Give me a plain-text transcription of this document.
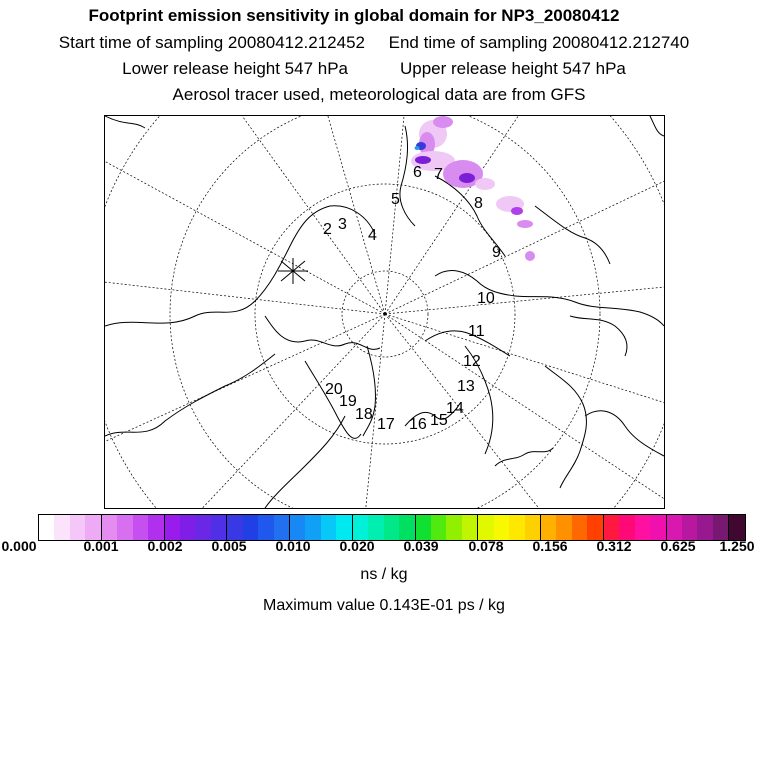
Footprint emission sensitivity in global domain for NP3_20080412
Start time of sampling 20080412.212452 End time of sampling 20080412.212740
Lower release height 547 hPa	Upper release height 547 hPa
Aerosol tracer used, meteorological data are from GFS
2 3
4
5
6 7
8
9
10
11
12
13
14
15
16
17
18
19
20
0.000	0.001 0.002 0.005 0.010 0.020 0.039 0.078 0.156 0.312 0.625 1.250
ns / kg
Maximum value 0.143E-01 ps / kg
